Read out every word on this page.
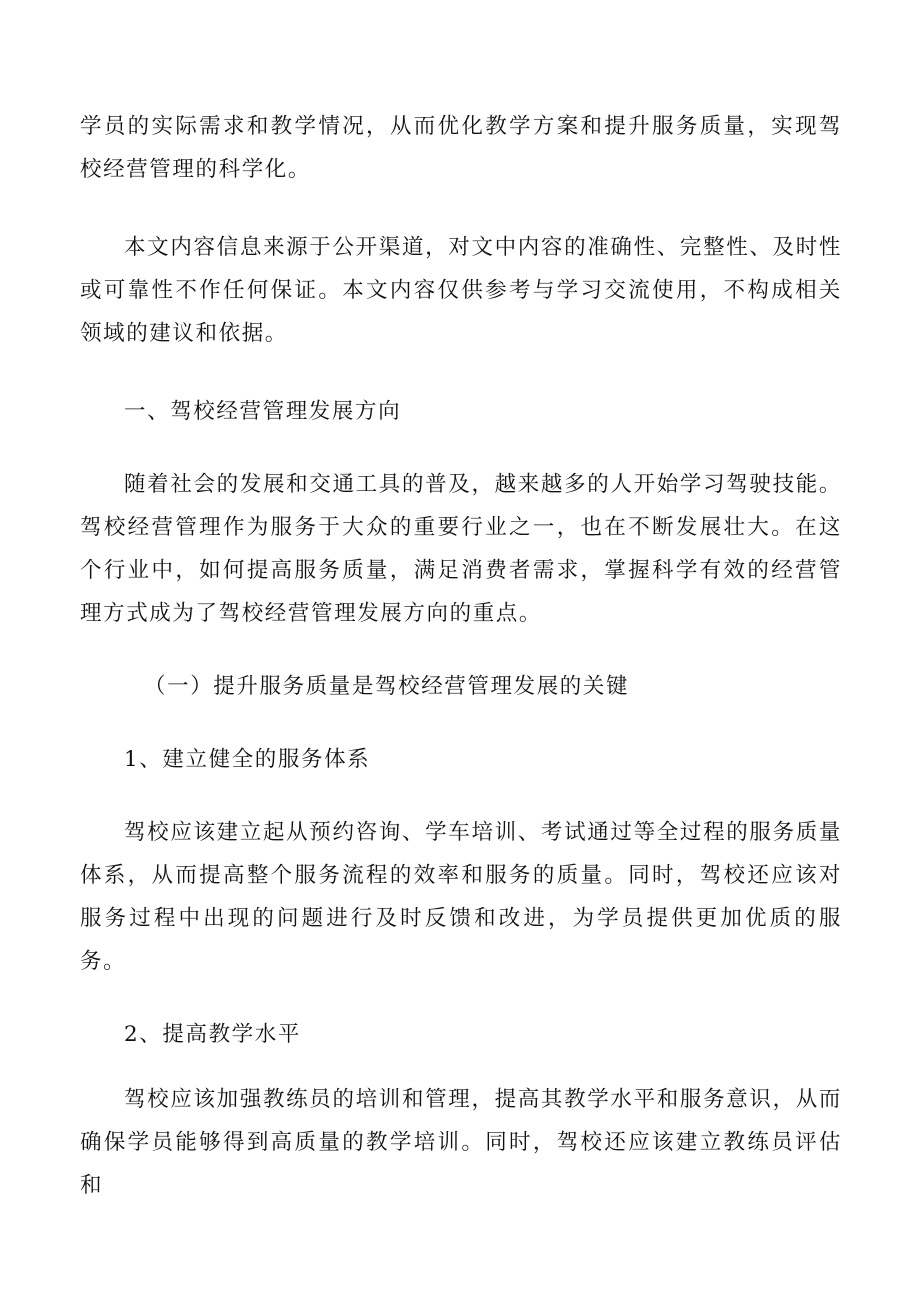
学员的实际需求和教学情况，从而优化教学方案和提升服务质量，实现驾校经营管理的科学化。

本文内容信息来源于公开渠道，对文中内容的准确性、完整性、及时性或可靠性不作任何保证。本文内容仅供参考与学习交流使用，不构成相关领域的建议和依据。

一、驾校经营管理发展方向

随着社会的发展和交通工具的普及，越来越多的人开始学习驾驶技能。驾校经营管理作为服务于大众的重要行业之一，也在不断发展壮大。在这个行业中，如何提高服务质量，满足消费者需求，掌握科学有效的经营管理方式成为了驾校经营管理发展方向的重点。

（一）提升服务质量是驾校经营管理发展的关键

1、建立健全的服务体系

驾校应该建立起从预约咨询、学车培训、考试通过等全过程的服务质量体系，从而提高整个服务流程的效率和服务的质量。同时，驾校还应该对服务过程中出现的问题进行及时反馈和改进，为学员提供更加优质的服务。

2、提高教学水平

驾校应该加强教练员的培训和管理，提高其教学水平和服务意识，从而确保学员能够得到高质量的教学培训。同时，驾校还应该建立教练员评估和
